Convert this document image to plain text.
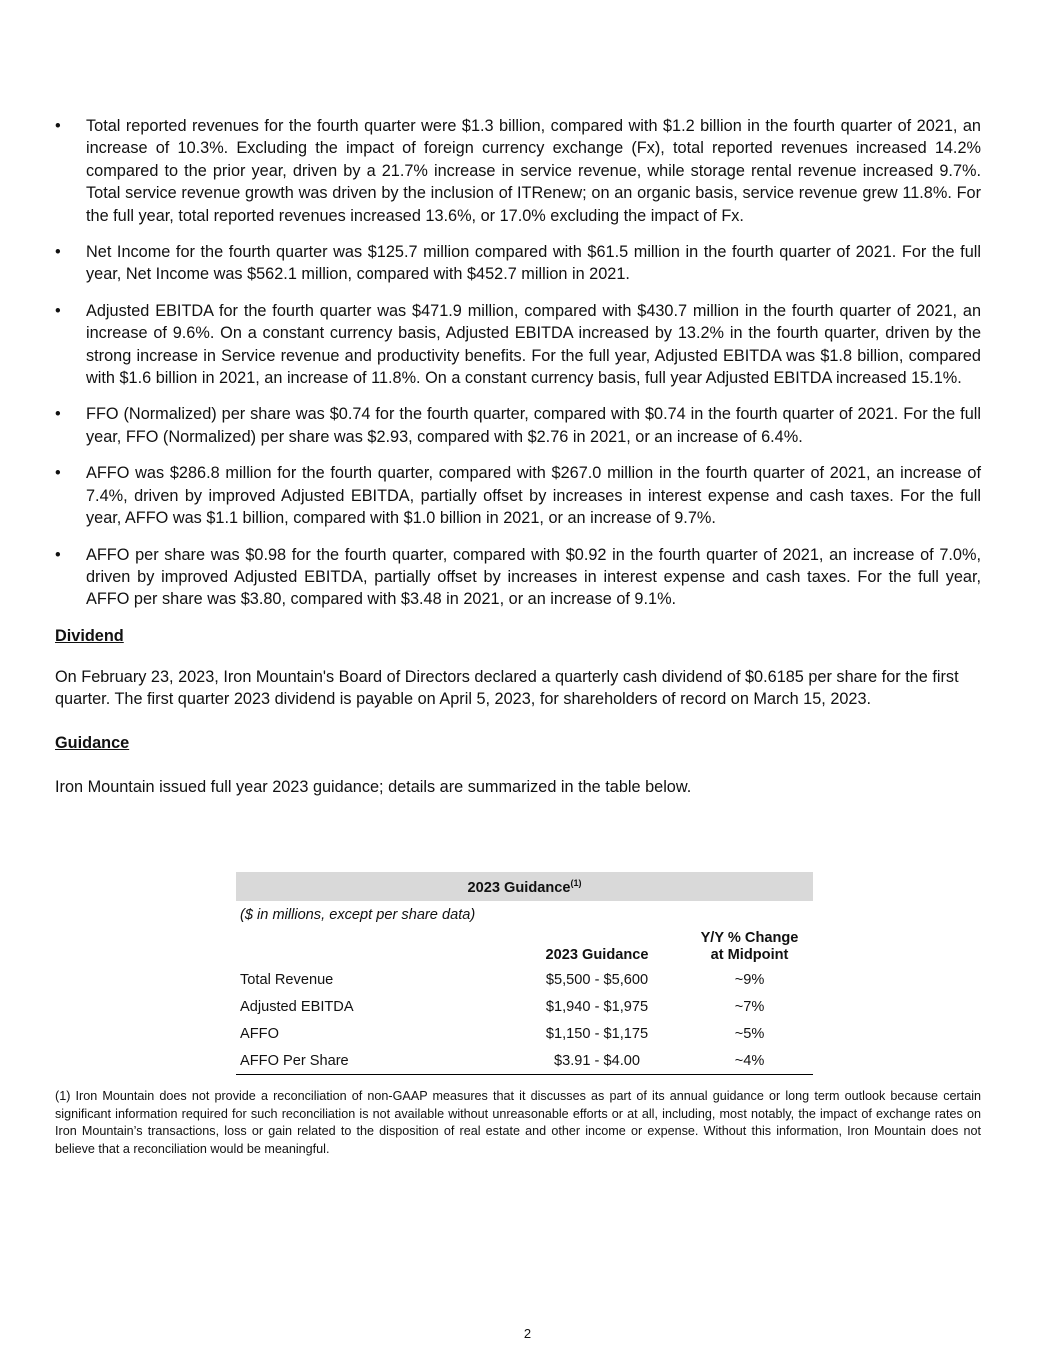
• Total reported revenues for the fourth quarter were $1.3 billion, compared with $1.2 billion in the fourth quarter of 2021, an increase of 10.3%. Excluding the impact of foreign currency exchange (Fx), total reported revenues increased 14.2% compared to the prior year, driven by a 21.7% increase in service revenue, while storage rental revenue increased 9.7%. Total service revenue growth was driven by the inclusion of ITRenew; on an organic basis, service revenue grew 11.8%. For the full year, total reported revenues increased 13.6%, or 17.0% excluding the impact of Fx.
• Net Income for the fourth quarter was $125.7 million compared with $61.5 million in the fourth quarter of 2021. For the full year, Net Income was $562.1 million, compared with $452.7 million in 2021.
• Adjusted EBITDA for the fourth quarter was $471.9 million, compared with $430.7 million in the fourth quarter of 2021, an increase of 9.6%. On a constant currency basis, Adjusted EBITDA increased by 13.2% in the fourth quarter, driven by the strong increase in Service revenue and productivity benefits. For the full year, Adjusted EBITDA was $1.8 billion, compared with $1.6 billion in 2021, an increase of 11.8%. On a constant currency basis, full year Adjusted EBITDA increased 15.1%.
• FFO (Normalized) per share was $0.74 for the fourth quarter, compared with $0.74 in the fourth quarter of 2021. For the full year, FFO (Normalized) per share was $2.93, compared with $2.76 in 2021, or an increase of 6.4%.
• AFFO was $286.8 million for the fourth quarter, compared with $267.0 million in the fourth quarter of 2021, an increase of 7.4%, driven by improved Adjusted EBITDA, partially offset by increases in interest expense and cash taxes. For the full year, AFFO was $1.1 billion, compared with $1.0 billion in 2021, or an increase of 9.7%.
• AFFO per share was $0.98 for the fourth quarter, compared with $0.92 in the fourth quarter of 2021, an increase of 7.0%, driven by improved Adjusted EBITDA, partially offset by increases in interest expense and cash taxes. For the full year, AFFO per share was $3.80, compared with $3.48 in 2021, or an increase of 9.1%.
Dividend

On February 23, 2023, Iron Mountain's Board of Directors declared a quarterly cash dividend of $0.6185 per share for the first quarter. The first quarter 2023 dividend is payable on April 5, 2023, for shareholders of record on March 15, 2023.

Guidance

Iron Mountain issued full year 2023 guidance; details are summarized in the table below.

2023 Guidance$^{(1)}$
($ in millions, except per share data)		
	2023 Guidance	Y/Y % Change
at Midpoint
Total Revenue	$5,500 - $5,600	~9%
Adjusted EBITDA	$1,940 - $1,975	~7%
AFFO	$1,150 - $1,175	~5%
AFFO Per Share	$3.91 - $4.00	~4%
(1) Iron Mountain does not provide a reconciliation of non-GAAP measures that it discusses as part of its annual guidance or long term outlook because certain significant information required for such reconciliation is not available without unreasonable efforts or at all, including, most notably, the impact of exchange rates on Iron Mountain’s transactions, loss or gain related to the disposition of real estate and other income or expense. Without this information, Iron Mountain does not believe that a reconciliation would be meaningful.
2
